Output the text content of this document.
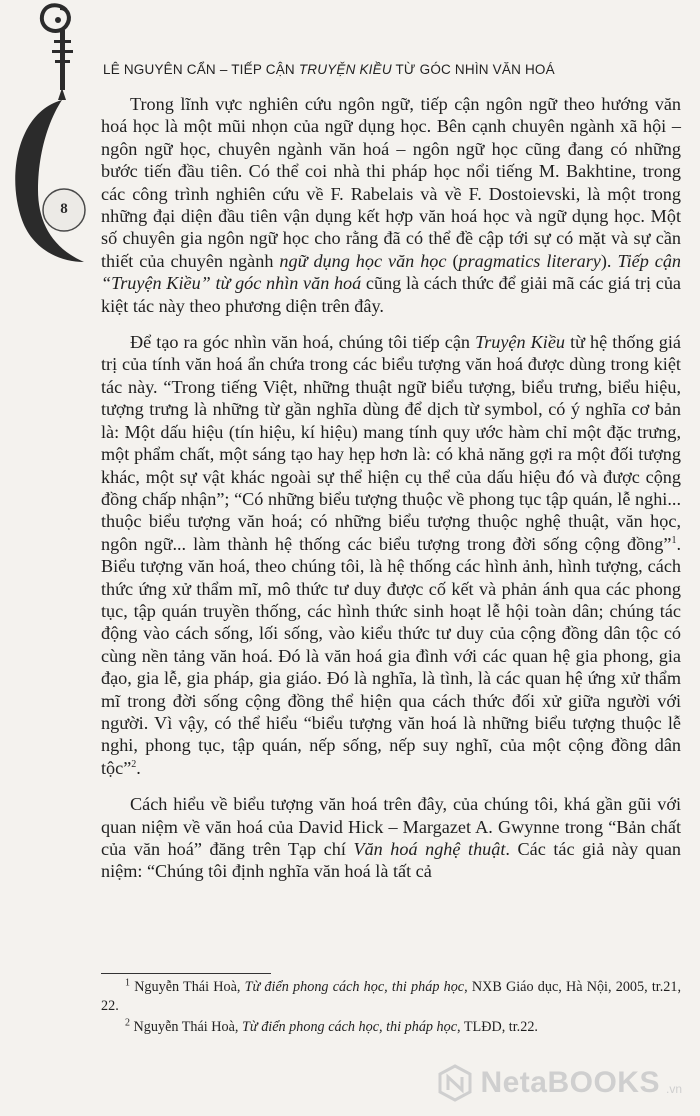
LÊ NGUYÊN CẨN – TIẾP CẬN TRUYỆN KIỀU TỪ GÓC NHÌN VĂN HOÁ
8

Trong lĩnh vực nghiên cứu ngôn ngữ, tiếp cận ngôn ngữ theo hướng văn hoá học là một mũi nhọn của ngữ dụng học. Bên cạnh chuyên ngành xã hội – ngôn ngữ học, chuyên ngành văn hoá – ngôn ngữ học cũng đang có những bước tiến đầu tiên. Có thể coi nhà thi pháp học nổi tiếng M. Bakhtine, trong các công trình nghiên cứu về F. Rabelais và về F. Dostoievski, là một trong những đại diện đầu tiên vận dụng kết hợp văn hoá học và ngữ dụng học. Một số chuyên gia ngôn ngữ học cho rằng đã có thể đề cập tới sự có mặt và sự cần thiết của chuyên ngành ngữ dụng học văn học (pragmatics literary). Tiếp cận “Truyện Kiều” từ góc nhìn văn hoá cũng là cách thức để giải mã các giá trị của kiệt tác này theo phương diện trên đây.

Để tạo ra góc nhìn văn hoá, chúng tôi tiếp cận Truyện Kiều từ hệ thống giá trị của tính văn hoá ẩn chứa trong các biểu tượng văn hoá được dùng trong kiệt tác này. “Trong tiếng Việt, những thuật ngữ biểu tượng, biểu trưng, biểu hiệu, tượng trưng là những từ gần nghĩa dùng để dịch từ symbol, có ý nghĩa cơ bản là: Một dấu hiệu (tín hiệu, kí hiệu) mang tính quy ước hàm chỉ một đặc trưng, một phẩm chất, một sáng tạo hay hẹp hơn là: có khả năng gợi ra một đối tượng khác, một sự vật khác ngoài sự thể hiện cụ thể của dấu hiệu đó và được cộng đồng chấp nhận”; “Có những biểu tượng thuộc về phong tục tập quán, lễ nghi... thuộc biểu tượng văn hoá; có những biểu tượng thuộc nghệ thuật, văn học, ngôn ngữ... làm thành hệ thống các biểu tượng trong đời sống cộng đồng”$^1$. Biểu tượng văn hoá, theo chúng tôi, là hệ thống các hình ảnh, hình tượng, cách thức ứng xử thẩm mĩ, mô thức tư duy được cố kết và phản ánh qua các phong tục, tập quán truyền thống, các hình thức sinh hoạt lễ hội toàn dân; chúng tác động vào cách sống, lối sống, vào kiểu thức tư duy của cộng đồng dân tộc có cùng nền tảng văn hoá. Đó là văn hoá gia đình với các quan hệ gia phong, gia đạo, gia lễ, gia pháp, gia giáo. Đó là nghĩa, là tình, là các quan hệ ứng xử thẩm mĩ trong đời sống cộng đồng thể hiện qua cách thức đối xử giữa người với người. Vì vậy, có thể hiểu “biểu tượng văn hoá là những biểu tượng thuộc lễ nghi, phong tục, tập quán, nếp sống, nếp suy nghĩ, của một cộng đồng dân tộc”$^2$.

Cách hiểu về biểu tượng văn hoá trên đây, của chúng tôi, khá gần gũi với quan niệm về văn hoá của David Hick – Margazet A. Gwynne trong “Bản chất của văn hoá” đăng trên Tạp chí Văn hoá nghệ thuật. Các tác giả này quan niệm: “Chúng tôi định nghĩa văn hoá là tất cả

$^1$ Nguyễn Thái Hoà, Từ điển phong cách học, thi pháp học, NXB Giáo dục, Hà Nội, 2005, tr.21, 22.

$^2$ Nguyễn Thái Hoà, Từ điển phong cách học, thi pháp học, TLĐD, tr.22.

NetaBOOKS .vn
